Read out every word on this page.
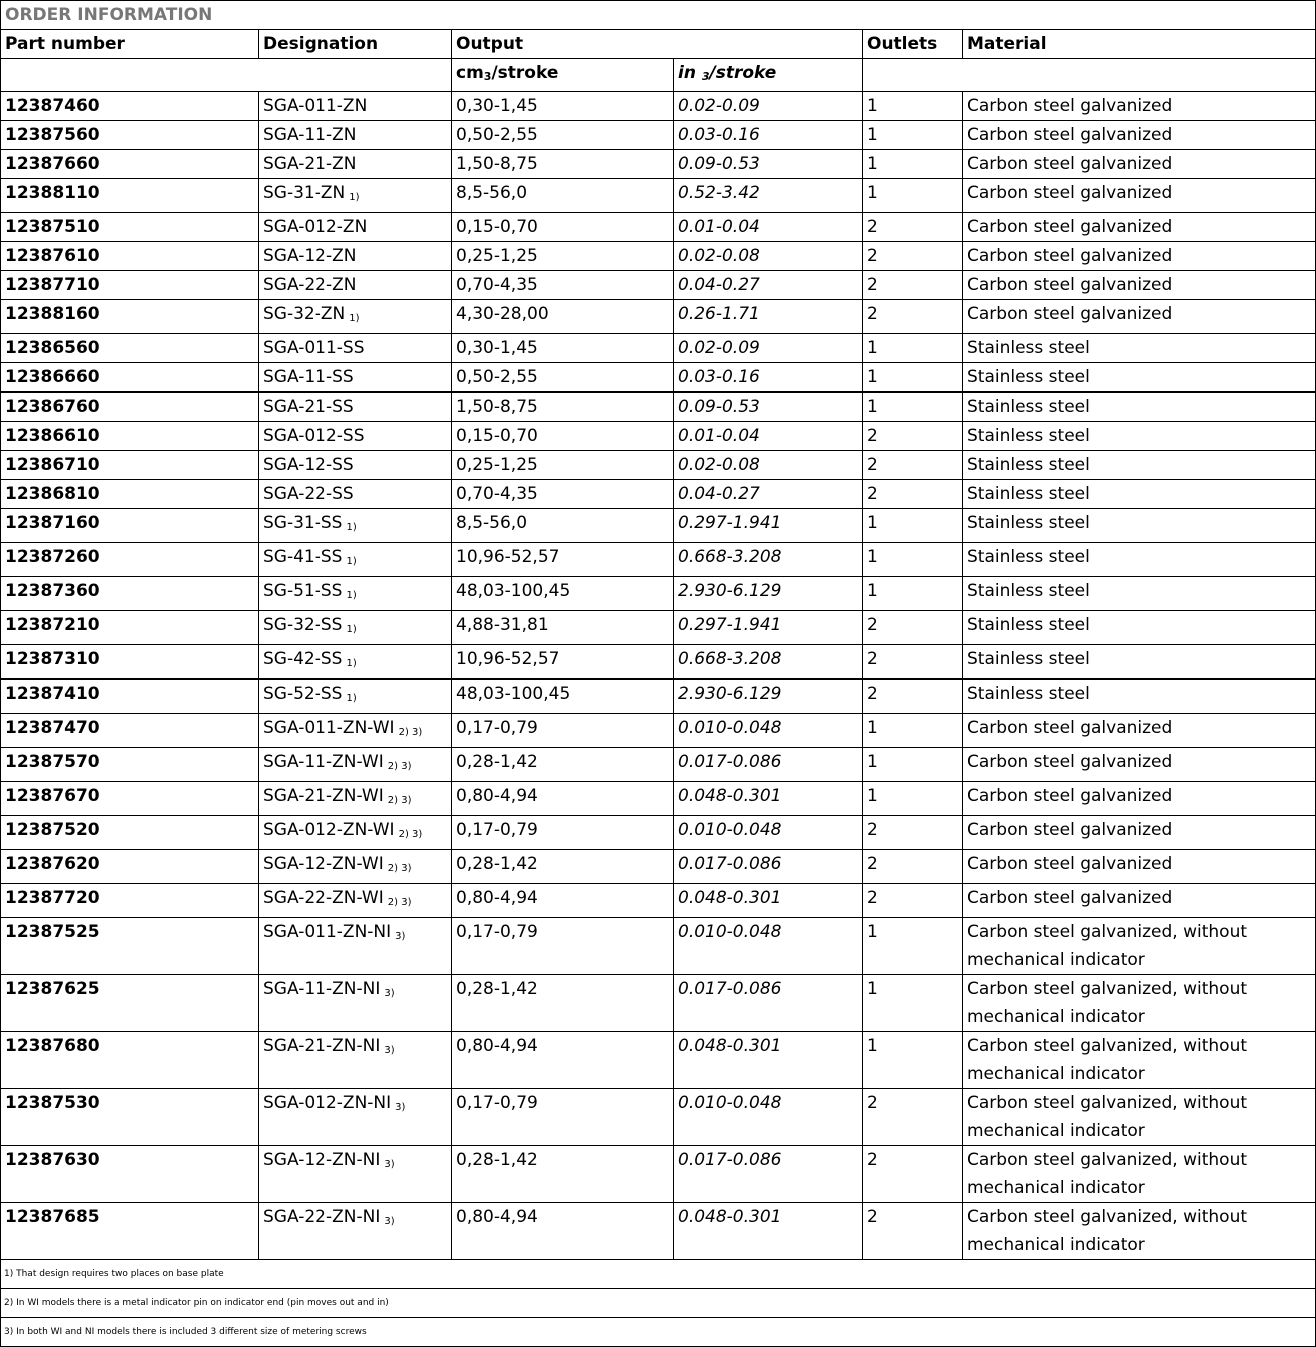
ORDER INFORMATION					
Part number	Designation	Output		Outlets	Material
		cm3/stroke	in 3/stroke		
12387460	SGA-011-ZN	0,30-1,45	0.02-0.09	1	Carbon steel galvanized
12387560	SGA-11-ZN	0,50-2,55	0.03-0.16	1	Carbon steel galvanized
12387660	SGA-21-ZN	1,50-8,75	0.09-0.53	1	Carbon steel galvanized
12388110	SG-31-ZN $_{1)}$	8,5-56,0	0.52-3.42	1	Carbon steel galvanized
12387510	SGA-012-ZN	0,15-0,70	0.01-0.04	2	Carbon steel galvanized
12387610	SGA-12-ZN	0,25-1,25	0.02-0.08	2	Carbon steel galvanized
12387710	SGA-22-ZN	0,70-4,35	0.04-0.27	2	Carbon steel galvanized
12388160	SG-32-ZN $_{1)}$	4,30-28,00	0.26-1.71	2	Carbon steel galvanized
12386560	SGA-011-SS	0,30-1,45	0.02-0.09	1	Stainless steel
12386660	SGA-11-SS	0,50-2,55	0.03-0.16	1	Stainless steel
12386760	SGA-21-SS	1,50-8,75	0.09-0.53	1	Stainless steel
12386610	SGA-012-SS	0,15-0,70	0.01-0.04	2	Stainless steel
12386710	SGA-12-SS	0,25-1,25	0.02-0.08	2	Stainless steel
12386810	SGA-22-SS	0,70-4,35	0.04-0.27	2	Stainless steel
12387160	SG-31-SS $_{1)}$	8,5-56,0	0.297-1.941	1	Stainless steel
12387260	SG-41-SS $_{1)}$	10,96-52,57	0.668-3.208	1	Stainless steel
12387360	SG-51-SS $_{1)}$	48,03-100,45	2.930-6.129	1	Stainless steel
12387210	SG-32-SS $_{1)}$	4,88-31,81	0.297-1.941	2	Stainless steel
12387310	SG-42-SS $_{1)}$	10,96-52,57	0.668-3.208	2	Stainless steel
12387410	SG-52-SS $_{1)}$	48,03-100,45	2.930-6.129	2	Stainless steel
12387470	SGA-011-ZN-WI $_{2) 3)}$	0,17-0,79	0.010-0.048	1	Carbon steel galvanized
12387570	SGA-11-ZN-WI $_{2) 3)}$	0,28-1,42	0.017-0.086	1	Carbon steel galvanized
12387670	SGA-21-ZN-WI $_{2) 3)}$	0,80-4,94	0.048-0.301	1	Carbon steel galvanized
12387520	SGA-012-ZN-WI $_{2) 3)}$	0,17-0,79	0.010-0.048	2	Carbon steel galvanized
12387620	SGA-12-ZN-WI $_{2) 3)}$	0,28-1,42	0.017-0.086	2	Carbon steel galvanized
12387720	SGA-22-ZN-WI $_{2) 3)}$	0,80-4,94	0.048-0.301	2	Carbon steel galvanized
12387525	SGA-011-ZN-NI $_{3)}$	0,17-0,79	0.010-0.048	1	Carbon steel galvanized, without mechanical indicator
12387625	SGA-11-ZN-NI $_{3)}$	0,28-1,42	0.017-0.086	1	Carbon steel galvanized, without mechanical indicator
12387680	SGA-21-ZN-NI $_{3)}$	0,80-4,94	0.048-0.301	1	Carbon steel galvanized, without mechanical indicator
12387530	SGA-012-ZN-NI $_{3)}$	0,17-0,79	0.010-0.048	2	Carbon steel galvanized, without mechanical indicator
12387630	SGA-12-ZN-NI $_{3)}$	0,28-1,42	0.017-0.086	2	Carbon steel galvanized, without mechanical indicator
12387685	SGA-22-ZN-NI $_{3)}$	0,80-4,94	0.048-0.301	2	Carbon steel galvanized, without mechanical indicator
1) That design requires two places on base plate					
2) In WI models there is a metal indicator pin on indicator end (pin moves out and in)					
3) In both WI and NI models there is included 3 different size of metering screws					
